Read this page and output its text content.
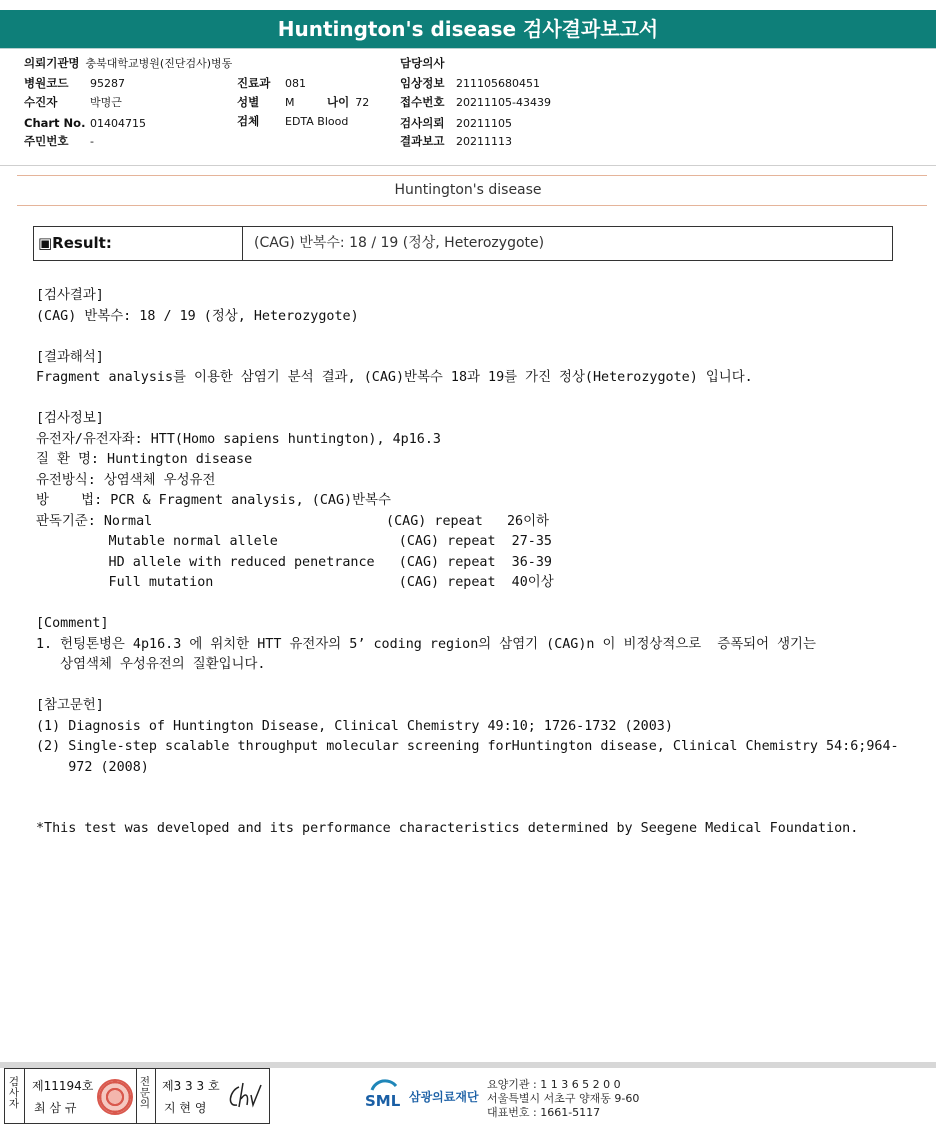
Huntington's disease 검사결과보고서
의뢰기관명 충북대학교병원(진단검사)병동
병원코드 95287
수진자	박명근
Chart No. 01404715
주민번호 -
진료과 081
성별 M	나이 72
검체 EDTA Blood
담당의사
임상정보 211105680451
접수번호 20211105-43439
검사의뢰 20211105
결과보고 20211113
Huntington's disease
▣Result:	(CAG) 반복수: 18 / 19 (정상, Heterozygote)
[검사결과]
(CAG) 반복수: 18 / 19 (정상, Heterozygote)
[결과해석]
Fragment analysis를 이용한 삼염기 분석 결과, (CAG)반복수 18과 19를 가진 정상(Heterozygote) 입니다.
[검사정보]
유전자/유전자좌: HTT(Homo sapiens huntington), 4p16.3
질 환 명: Huntington disease
유전방식: 상염색체 우성유전
방    법: PCR & Fragment analysis, (CAG)반복수
판독기준: Normal                             (CAG) repeat   26이하
Mutable normal allele               (CAG) repeat  27-35
HD allele with reduced penetrance   (CAG) repeat  36-39
Full mutation                       (CAG) repeat  40이상
[Comment]
1. 헌팅톤병은 4p16.3 에 위치한 HTT 유전자의 5’ coding region의 삼염기 (CAG)n 이 비정상적으로  증폭되어 생기는
상염색체 우성유전의 질환입니다.
[참고문헌]
(1) Diagnosis of Huntington Disease, Clinical Chemistry 49:10; 1726-1732 (2003)
(2) Single-step scalable throughput molecular screening forHuntington disease, Clinical Chemistry 54:6;964-
972 (2008)
*This test was developed and its performance characteristics determined by Seegene Medical Foundation.
검사자
제11194호
최 삼 규
전문의
제3 3 3 호
지 현 영	SML 삼광의료재단
요양기관 : 1 1 3 6 5 2 0 0
서울특별시 서초구 양재동 9-60
대표번호 : 1661-5117
